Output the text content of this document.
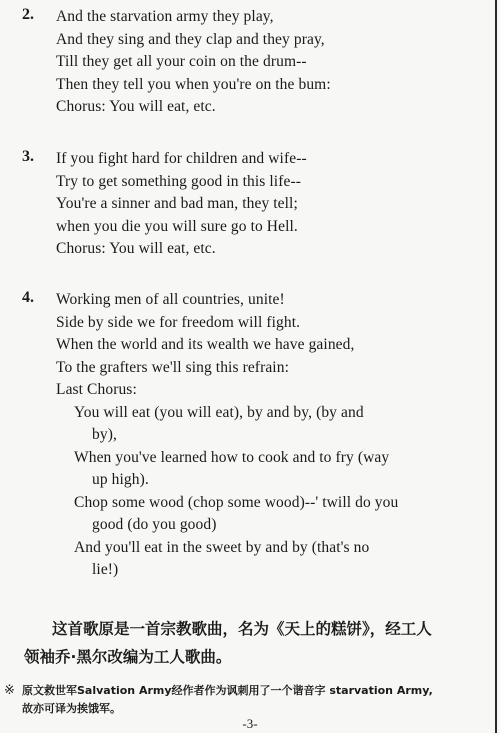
2. And the starvation army they play,
And they sing and they clap and they pray,
Till they get all your coin on the drum--
Then they tell you when you're on the bum:
Chorus: You will eat, etc.
3. If you fight hard for children and wife--
Try to get something good in this life--
You're a sinner and bad man, they tell;
when you die you will sure go to Hell.
Chorus: You will eat, etc.
4. Working men of all countries, unite!
Side by side we for freedom will fight.
When the world and its wealth we have gained,
To the grafters we'll sing this refrain:
Last Chorus:
You will eat (you will eat), by and by, (by and
by),
When you've learned how to cook and to fry (way
up high).
Chop some wood (chop some wood)--' twill do you
good (do you good)
And you'll eat in the sweet by and by (that's no
lie!)
这首歌原是一首宗教歌曲，名为《天上的糕饼》，经工人
领袖乔·黑尔改编为工人歌曲。
※ 原文救世军Salvation Army经作者作为讽刺用了一个谐音字 starvation Army,
故亦可译为挨饿军。
-3-
